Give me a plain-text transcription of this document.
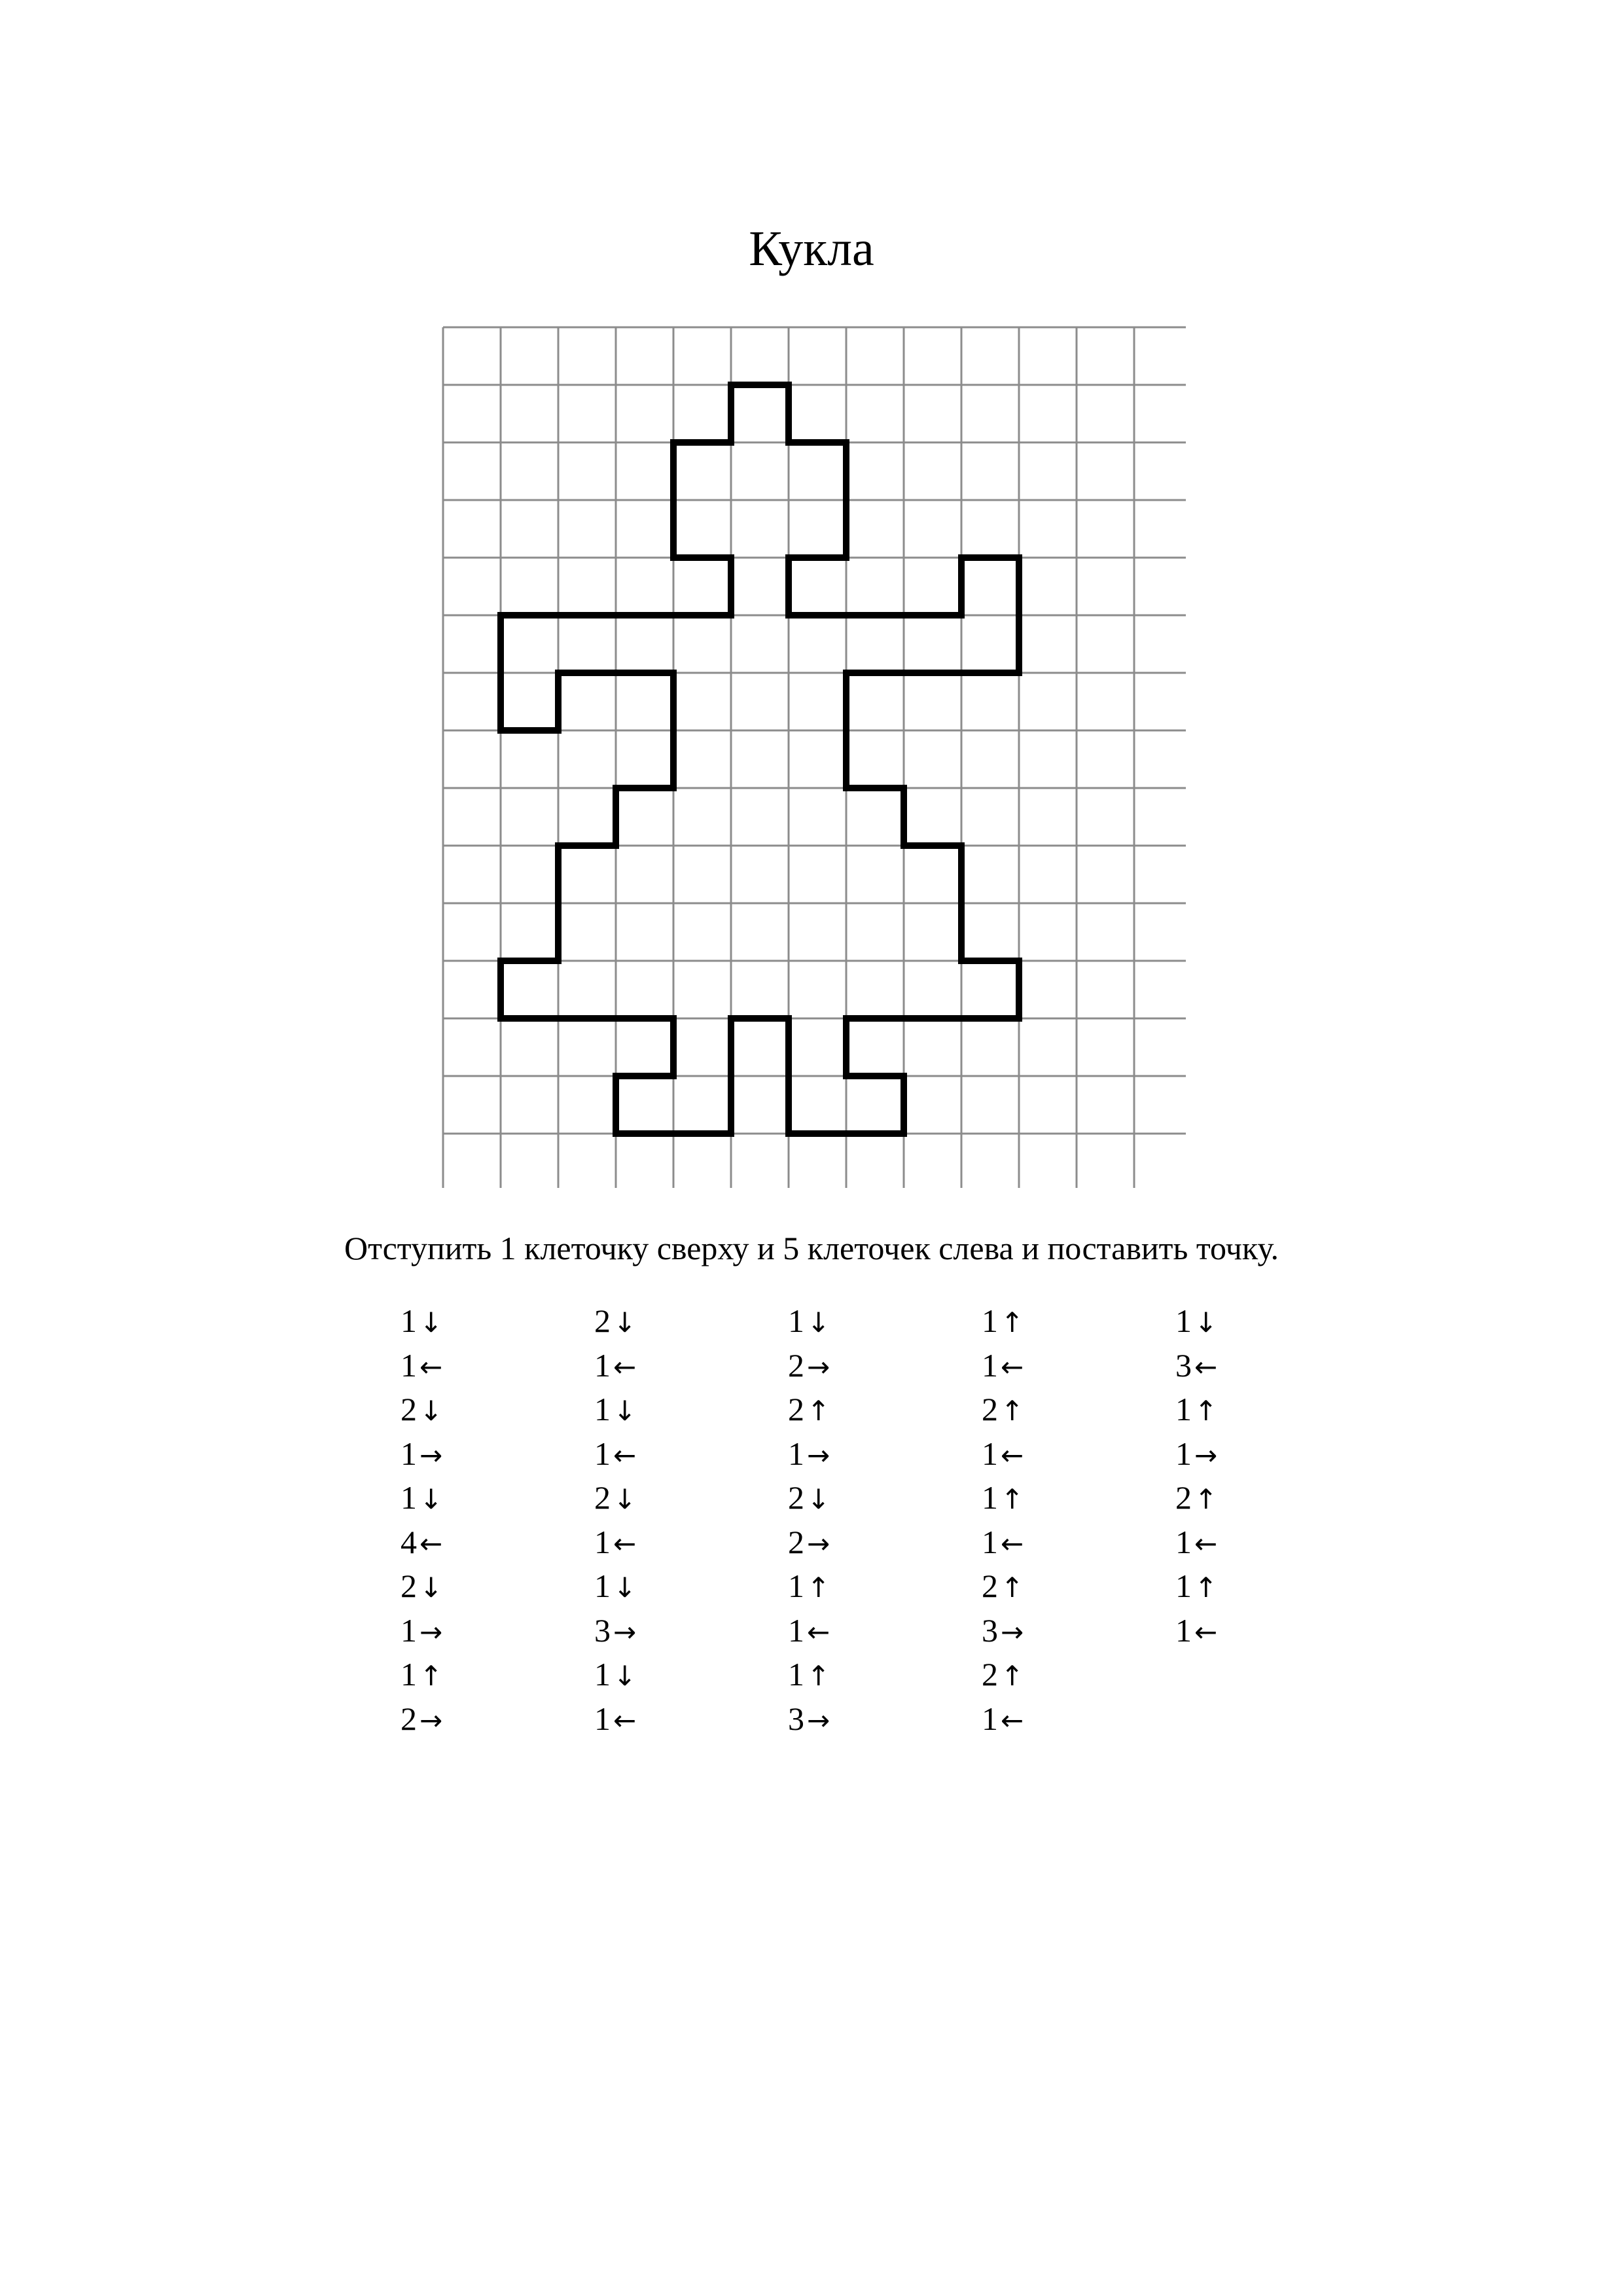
Кукла

Отступить 1 клеточку сверху и 5 клеточек слева и поставить точку.

1↓
1←
2↓
1→
1↓
4←
2↓
1→
1↑
2→
2↓
1←
1↓
1←
2↓
1←
1↓
3→
1↓
1←
1↓
2→
2↑
1→
2↓
2→
1↑
1←
1↑
3→
1↑
1←
2↑
1←
1↑
1←
2↑
3→
2↑
1←
1↓
3←
1↑
1→
2↑
1←
1↑
1←
